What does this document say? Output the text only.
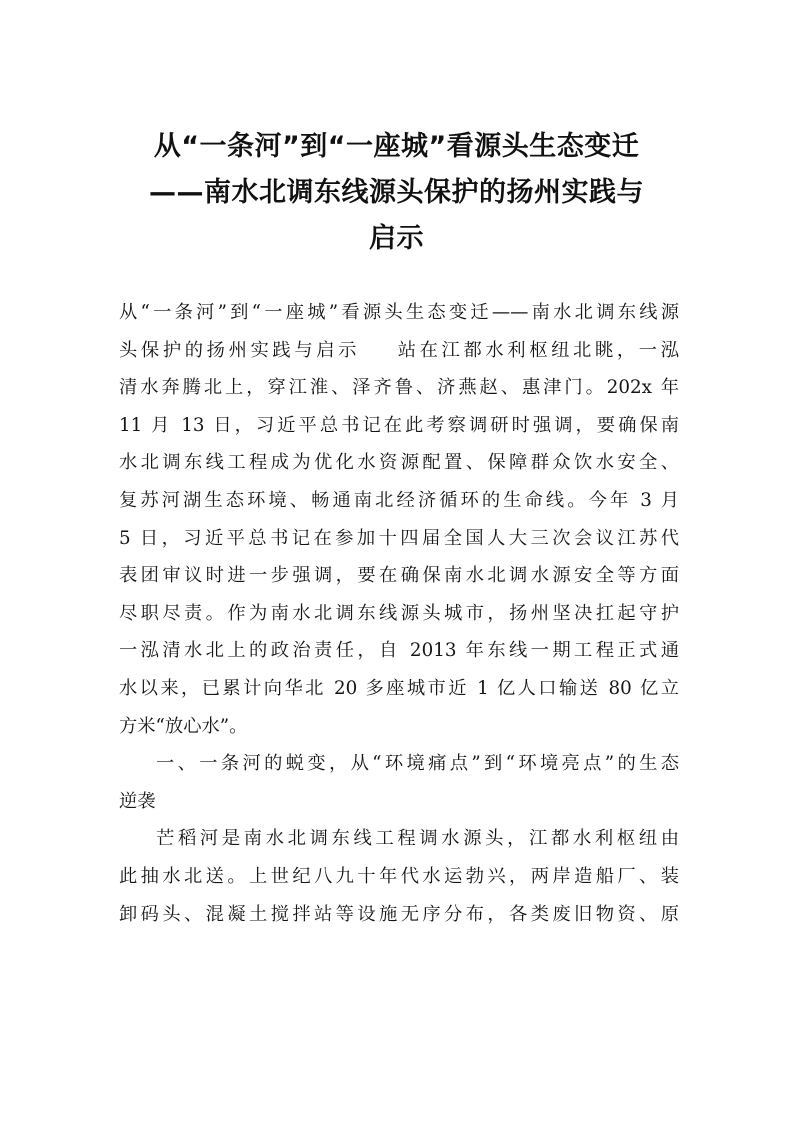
从“一条河”到“一座城”看源头生态变迁
——南水北调东线源头保护的扬州实践与
启示
从“一条河”到“一座城”看源头生态变迁——南水北调东线源
头保护的扬州实践与启示 站在江都水利枢纽北眺，一泓
清水奔腾北上，穿江淮、泽齐鲁、济燕赵、惠津门。202x 年
11 月 13 日，习近平总书记在此考察调研时强调，要确保南
水北调东线工程成为优化水资源配置、保障群众饮水安全、
复苏河湖生态环境、畅通南北经济循环的生命线。今年 3 月
5 日，习近平总书记在参加十四届全国人大三次会议江苏代
表团审议时进一步强调，要在确保南水北调水源安全等方面
尽职尽责。作为南水北调东线源头城市，扬州坚决扛起守护
一泓清水北上的政治责任，自 2013 年东线一期工程正式通
水以来，已累计向华北 20 多座城市近 1 亿人口输送 80 亿立
方米“放心水”。
一、一条河的蜕变，从“环境痛点”到“环境亮点”的生态
逆袭
芒稻河是南水北调东线工程调水源头，江都水利枢纽由
此抽水北送。上世纪八九十年代水运勃兴，两岸造船厂、装
卸码头、混凝土搅拌站等设施无序分布，各类废旧物资、原
